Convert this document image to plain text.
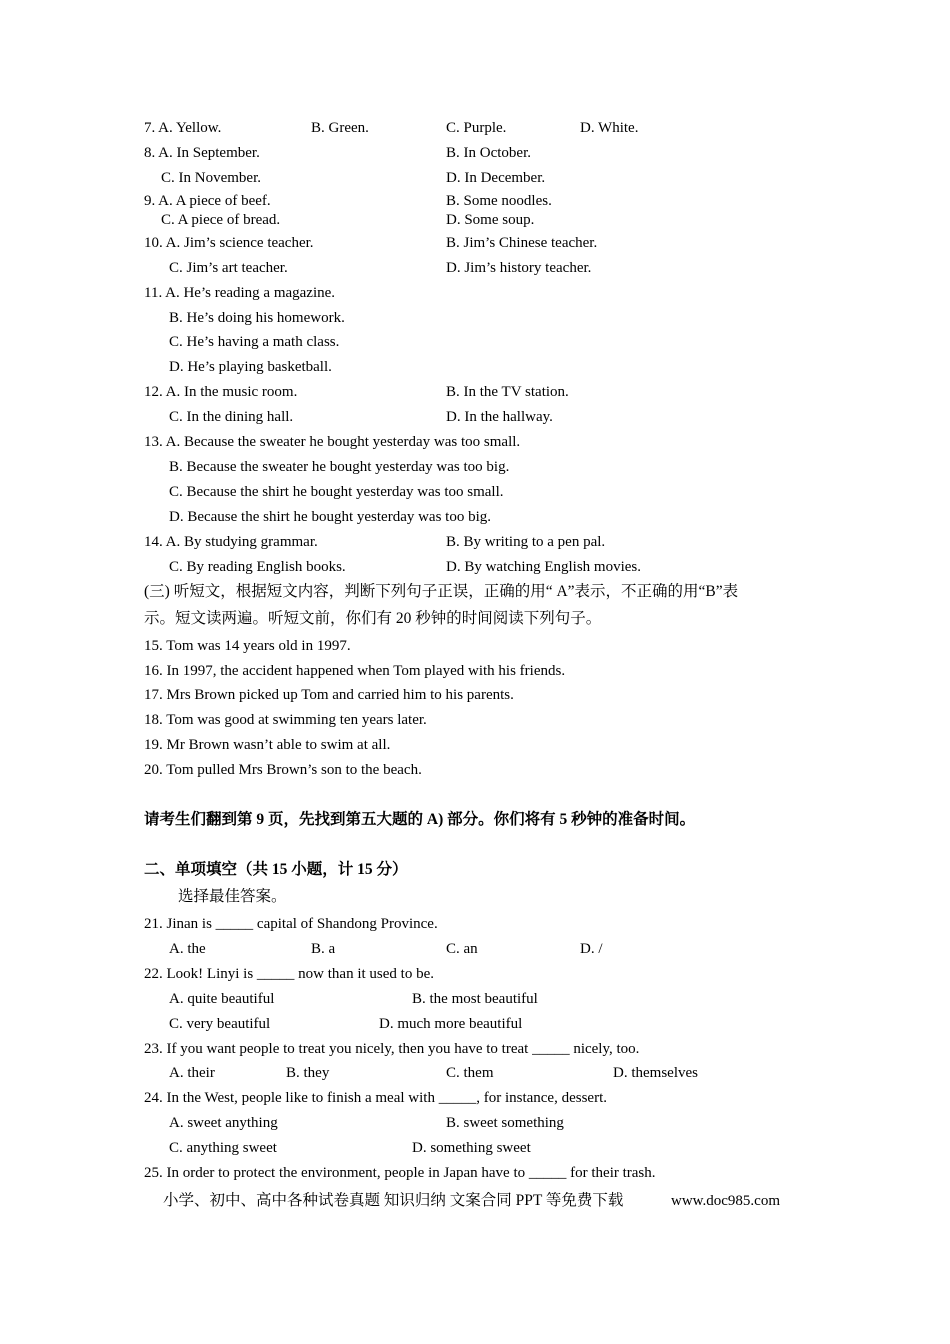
7. A. Yellow.	B. Green.	C. Purple.	D. White.
8. A. In September.	B. In October.
C. In November.	D. In December.
9. A. A piece of beef.	B. Some noodles.
C. A piece of bread.	D. Some soup.
10. A. Jim’s science teacher.	B. Jim’s Chinese teacher.
C. Jim’s art teacher.	D. Jim’s history teacher.
11. A. He’s reading a magazine.
B. He’s doing his homework.
C. He’s having a math class.
D. He’s playing basketball.
12. A. In the music room.	B. In the TV station.
C. In the dining hall.	D. In the hallway.
13. A. Because the sweater he bought yesterday was too small.
B. Because the sweater he bought yesterday was too big.
C. Because the shirt he bought yesterday was too small.
D. Because the shirt he bought yesterday was too big.
14. A. By studying grammar.	B. By writing to a pen pal.
C. By reading English books.	D. By watching English movies.
(三) 听短文，根据短文内容，判断下列句子正误，正确的用“ A”表示，不正确的用“B”表
示。短文读两遍。听短文前，你们有 20 秒钟的时间阅读下列句子。
15. Tom was 14 years old in 1997.
16. In 1997, the accident happened when Tom played with his friends.
17. Mrs Brown picked up Tom and carried him to his parents.
18. Tom was good at swimming ten years later.
19. Mr Brown wasn’t able to swim at all.
20. Tom pulled Mrs Brown’s son to the beach.
请考生们翻到第 9 页，先找到第五大题的 A) 部分。你们将有 5 秒钟的准备时间。
二、单项填空（共 15 小题，计 15 分）
选择最佳答案。
21. Jinan is _____ capital of Shandong Province.
A. the	B. a	C. an	D. /
22. Look! Linyi is _____ now than it used to be.
A. quite beautiful	B. the most beautiful
C. very beautiful	D. much more beautiful
23. If you want people to treat you nicely, then you have to treat _____ nicely, too.
A. their	B. they	C. them	D. themselves
24. In the West, people like to finish a meal with _____, for instance, dessert.
A. sweet anything	B. sweet something
C. anything sweet	D. something sweet
25. In order to protect the environment, people in Japan have to _____ for their trash.
小学、初中、高中各种试卷真题 知识归纳 文案合同 PPT 等免费下载	www.doc985.com
